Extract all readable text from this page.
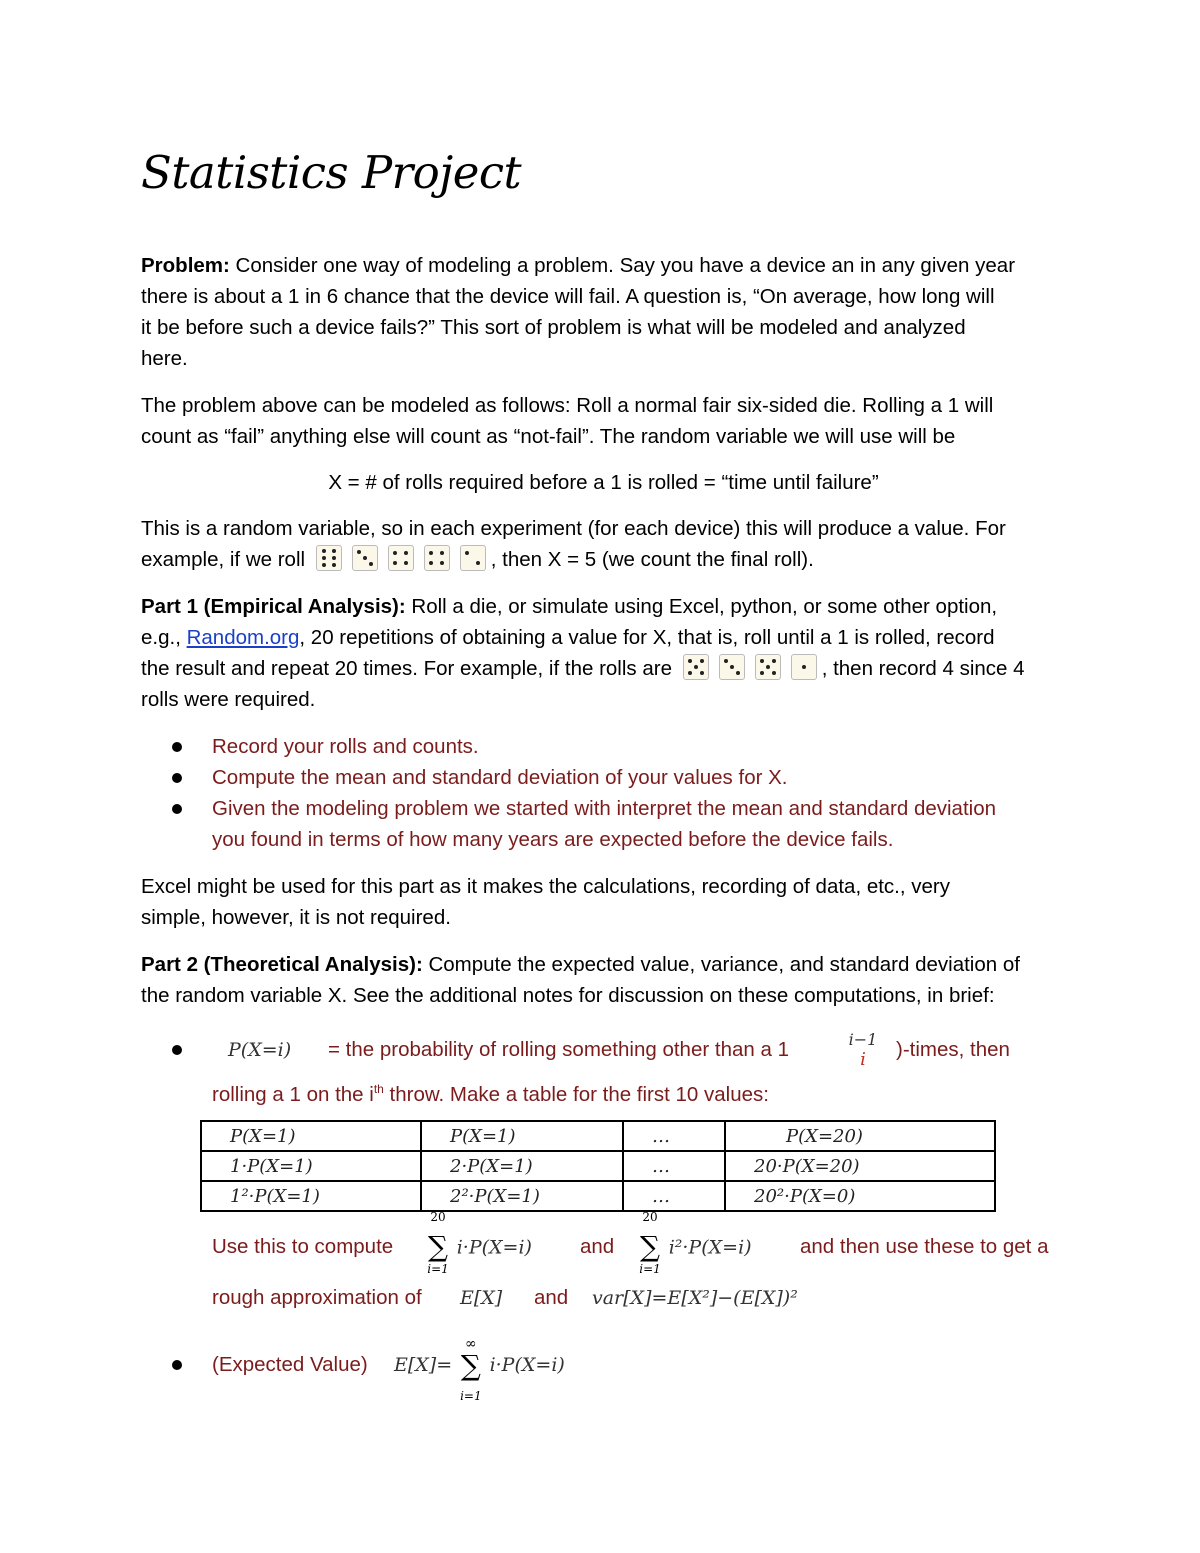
Statistics Project

Problem: Consider one way of modeling a problem. Say you have a device an in any given year
there is about a 1 in 6 chance that the device will fail. A question is, “On average, how long will
it be before such a device fails?” This sort of problem is what will be modeled and analyzed
here.

The problem above can be modeled as follows: Roll a normal fair six-sided die. Rolling a 1 will
count as “fail” anything else will count as “not-fail”. The random variable we will use will be

X = # of rolls required before a 1 is rolled = “time until failure”

This is a random variable, so in each experiment (for each device) this will produce a value. For
example, if we roll	, then X = 5 (we count the final roll).

Part 1 (Empirical Analysis): Roll a die, or simulate using Excel, python, or some other option,
e.g., Random.org, 20 repetitions of obtaining a value for X, that is, roll until a 1 is rolled, record
the result and repeat 20 times. For example, if the rolls are	, then record 4 since 4
rolls were required.

Record your rolls and counts.
Compute the mean and standard deviation of your values for X.
Given the modeling problem we started with interpret the mean and standard deviation
you found in terms of how many years are expected before the device fails.

Excel might be used for this part as it makes the calculations, recording of data, etc., very
simple, however, it is not required.

Part 2 (Theoretical Analysis): Compute the expected value, variance, and standard deviation of
the random variable X. See the additional notes for discussion on these computations, in brief:

P(X=i) = the probability of rolling something other than a 1	i−1
i	)-times, then
rolling a 1 on the $i^{th}$ throw. Make a table for the first 10 values:
P(X=1)	P(X=1)	…	P(X=20)
1·P(X=1)	2·P(X=1)	…	20·P(X=20)
1²·P(X=1)	2²·P(X=1)	…	20²·P(X=0)
Use this to compute
20
∑
i=1
i·P(X=i) and
20
∑
i=1
i²·P(X=i) and then use these to get a
rough approximation of E[X] and var[X]=E[X²]−(E[X])²
(Expected Value) E[X]=
∞
∑
i=1
i·P(X=i)
